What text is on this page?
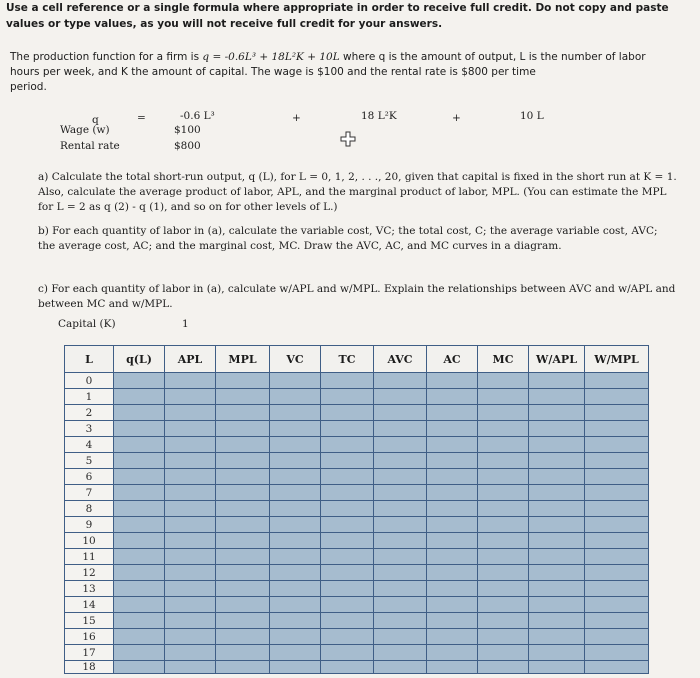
Use a cell reference or a single formula where appropriate in order to receive full credit. Do not copy and paste values or type values, as you will not receive full credit for your answers.
The production function for a firm is q = -0.6L³ + 18L²K + 10L where q is the amount of output, L is the number of labor
hours per week, and K the amount of capital. The wage is $100 and the rental rate is $800 per time
period.
q	=	-0.6 L³	+	18 L²K	+	10 L
Wage (w)	$100
Rental rate	$800
a) Calculate the total short-run output, q (L), for L = 0, 1, 2, . . ., 20, given that capital is fixed in the short run at K = 1. Also, calculate the average product of labor, APL, and the marginal product of labor, MPL. (You can estimate the MPL for L = 2 as q (2) - q (1), and so on for other levels of L.)
b) For each quantity of labor in (a), calculate the variable cost, VC; the total cost, C; the average variable cost, AVC; the average cost, AC; and the marginal cost, MC. Draw the AVC, AC, and MC curves in a diagram.
c) For each quantity of labor in (a), calculate w/APL and w/MPL. Explain the relationships between AVC and w/APL and between MC and w/MPL.
Capital (K)	1
L	q(L)	APL	MPL	VC	TC	AVC	AC	MC	W/APL	W/MPL
0										
1										
2										
3										
4										
5										
6										
7										
8										
9										
10										
11										
12										
13										
14										
15										
16										
17										
18										
